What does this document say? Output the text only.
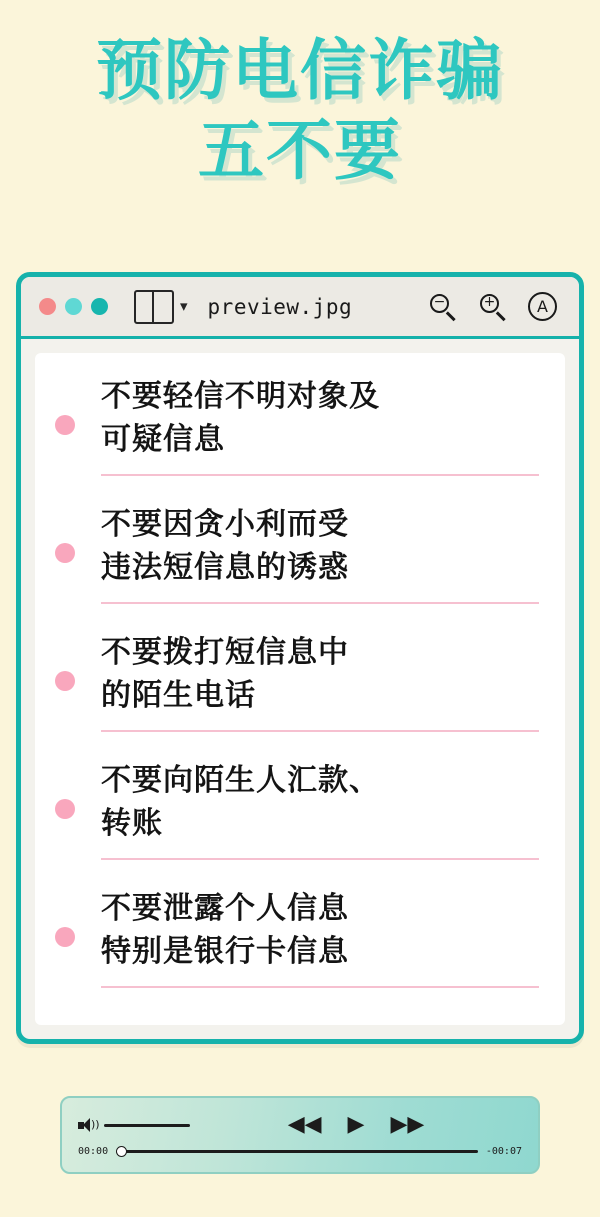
预防电信诈骗
五不要
▾ preview.jpg	−	+	A
不要轻信不明对象及
可疑信息
不要因贪小利而受
违法短信息的诱惑
不要拨打短信息中
的陌生电话
不要向陌生人汇款、
转账
不要泄露个人信息
特别是银行卡信息
))	◀◀ ▶ ▶▶
00:00	-00:07
